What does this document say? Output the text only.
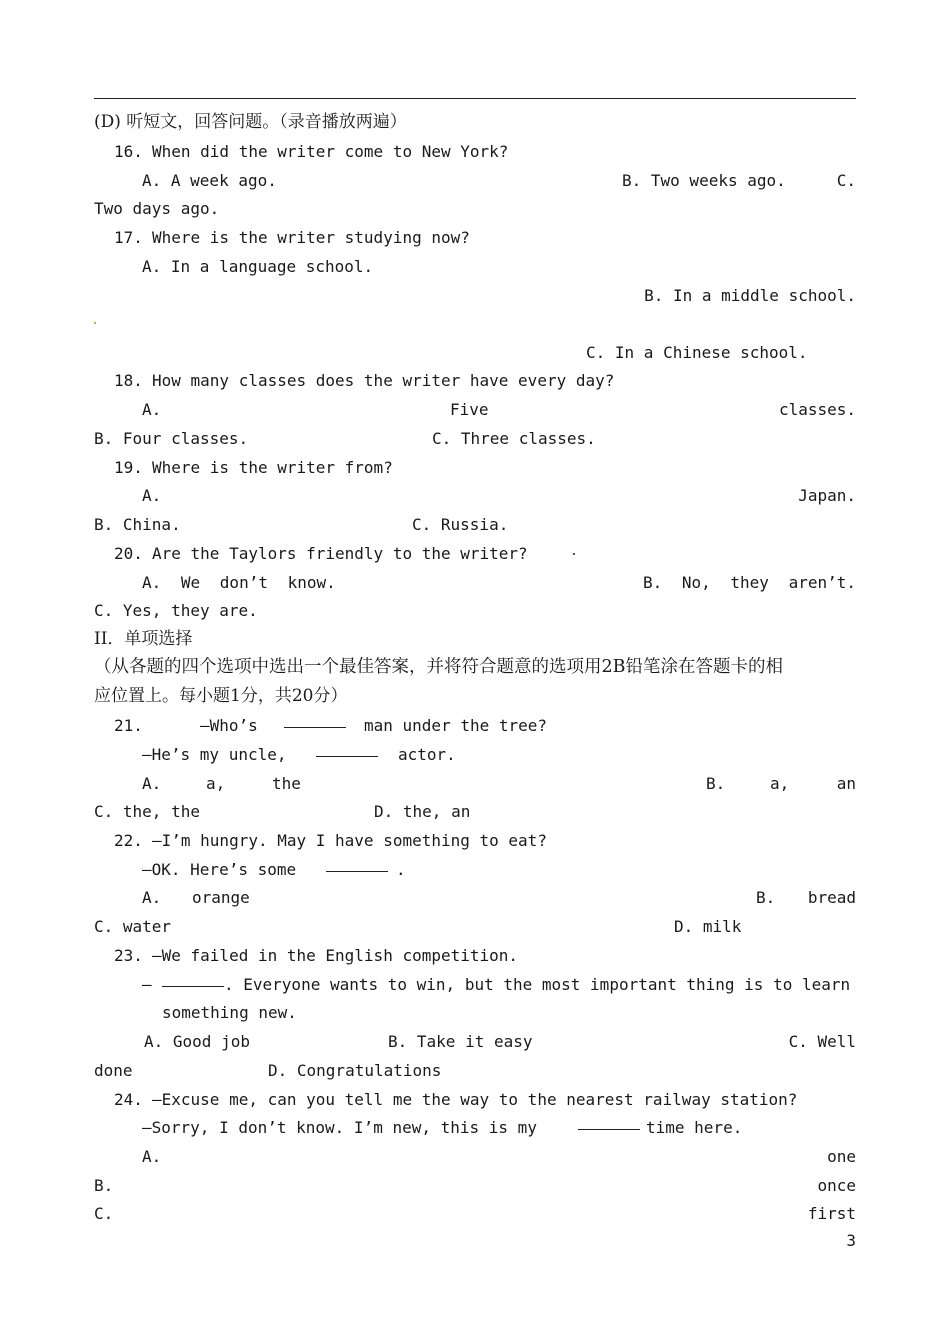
(D) 听短文，回答问题。（录音播放两遍）
16. When did the writer come to New York?
A. A week ago.	B. Two weeks ago.	C.
Two days ago.
17. Where is the writer studying now?
A. In a language school.
B. In a middle school.
C. In a Chinese school.
18. How many classes does the writer have every day?
A.	Five	classes.
B. Four classes.	C. Three classes.
19. Where is the writer from?
A.	Japan.
B. China.	C. Russia.
20. Are the Taylors friendly to the writer?
A. We don’t know.	B. No, they aren’t.
C. Yes, they are.
II．单项选择
（从各题的四个选项中选出一个最佳答案，并将符合题意的选项用2B铅笔涂在答题卡的相
应位置上。每小题1分，共20分）
21.	—Who’s	man under the tree?
—He’s my uncle,	actor.
A.	a,	the	B.	a,	an
C. the, the	D. the, an
22. —I’m hungry. May I have something to eat?
—OK. Here’s some	.
A. orange	B. bread
C. water	D. milk
23. —We failed in the English competition.
—	. Everyone wants to win, but the most important thing is to learn
something new.
A. Good job	B. Take it easy	C. Well
done	D. Congratulations
24. —Excuse me, can you tell me the way to the nearest railway station?
—Sorry, I don’t know. I’m new, this is my	time here.
A.	one
B.	once
C.	first
3
